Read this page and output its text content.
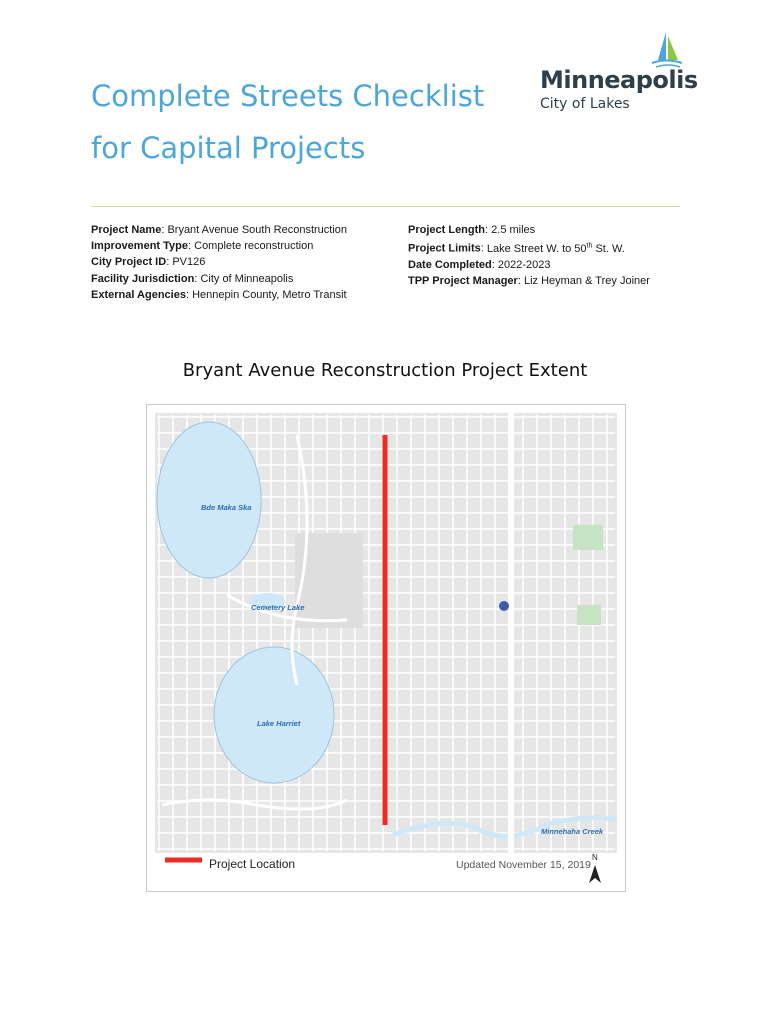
Complete Streets Checklist
for Capital Projects

Minneapolis

City of Lakes

Project Name: Bryant Avenue South Reconstruction
Improvement Type: Complete reconstruction
City Project ID: PV126
Facility Jurisdiction: City of Minneapolis
External Agencies: Hennepin County, Metro Transit
Project Length: 2.5 miles
Project Limits: Lake Street W. to 50th St. W.
Date Completed: 2022-2023
TPP Project Manager: Liz Heyman & Trey Joiner
Bryant Avenue Reconstruction Project Extent

Bde Maka Ska

Cemetery Lake

Lake Harriet

Minnehaha Creek

Project Location	Updated November 15, 2019

N
